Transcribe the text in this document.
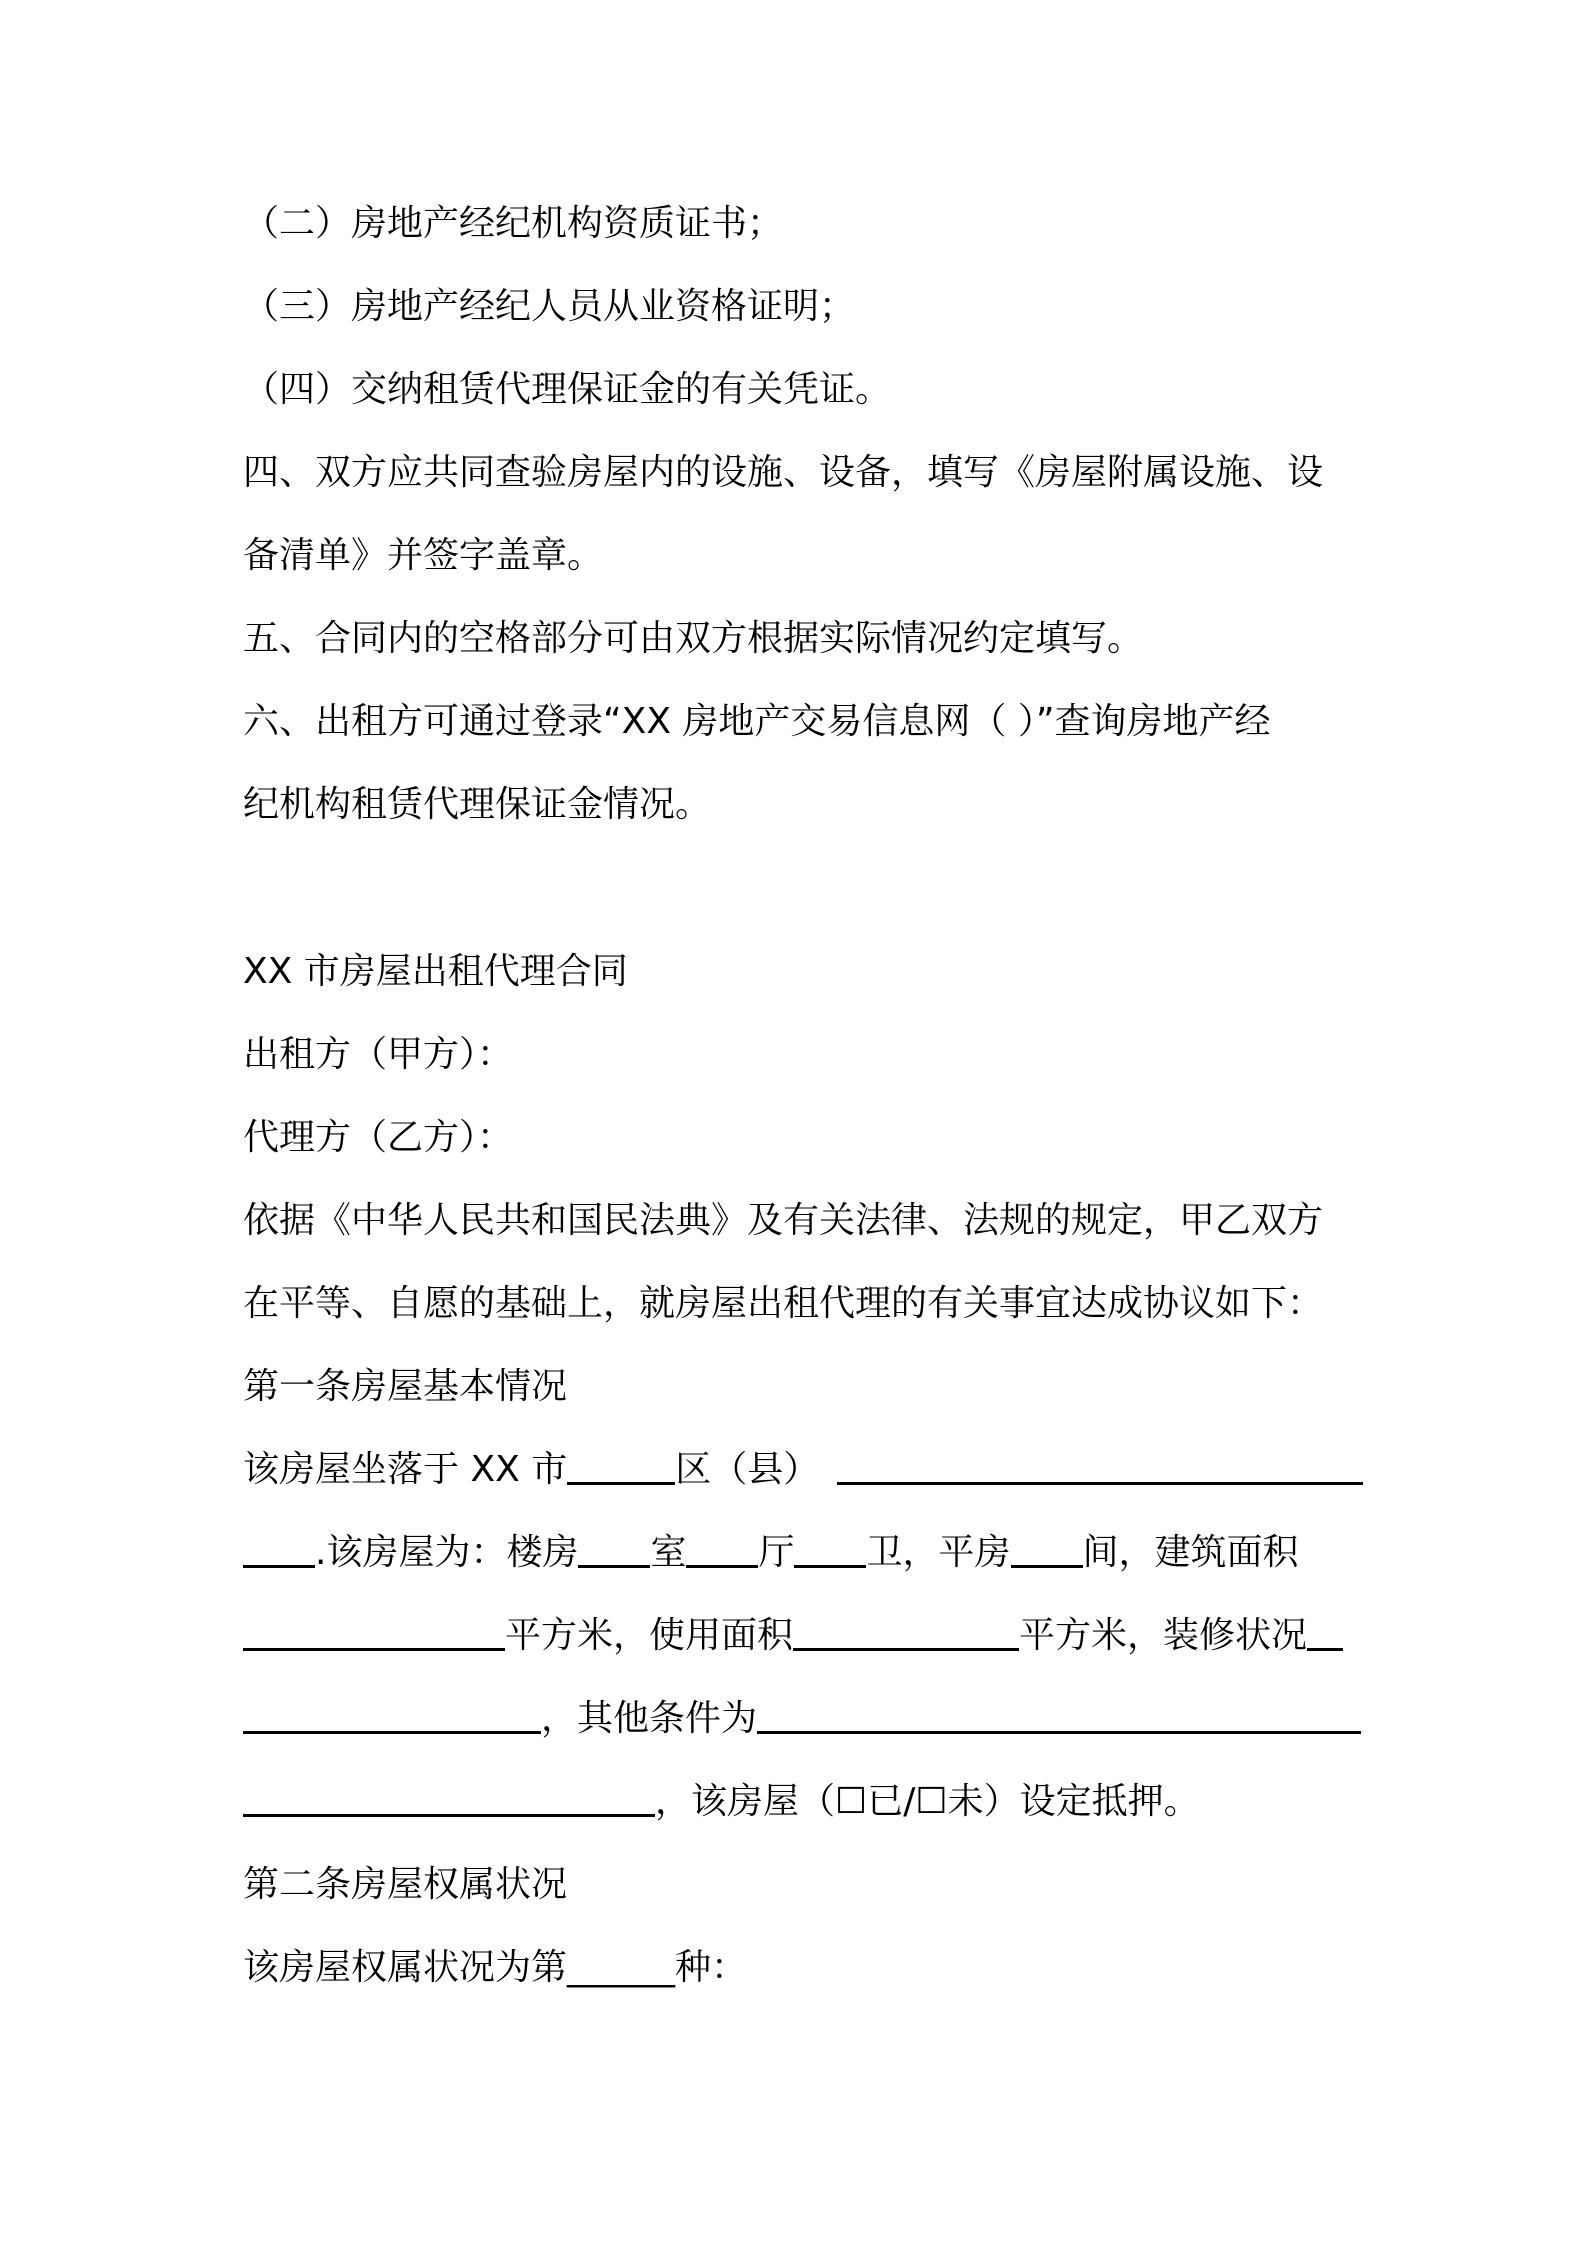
（二）房地产经纪机构资质证书；
（三）房地产经纪人员从业资格证明；
（四）交纳租赁代理保证金的有关凭证。
四、双方应共同查验房屋内的设施、设备，填写《房屋附属设施、设
备清单》并签字盖章。
五、合同内的空格部分可由双方根据实际情况约定填写。
六、出租方可通过登录“XX 房地产交易信息网（ ）”查询房地产经
纪机构租赁代理保证金情况。
XX 市房屋出租代理合同
出租方（甲方）：
代理方（乙方）：
依据《中华人民共和国民法典》及有关法律、法规的规定，甲乙双方
在平等、自愿的基础上，就房屋出租代理的有关事宜达成协议如下：
第一条房屋基本情况
该房屋坐落于 XX 市	区（县）
.该房屋为：楼房 室 厅 卫，平房 间，建筑面积
平方米，使用面积	平方米，装修状况
，其他条件为
，该房屋（☐已/☐未）设定抵押。
第二条房屋权属状况
该房屋权属状况为第______种：
